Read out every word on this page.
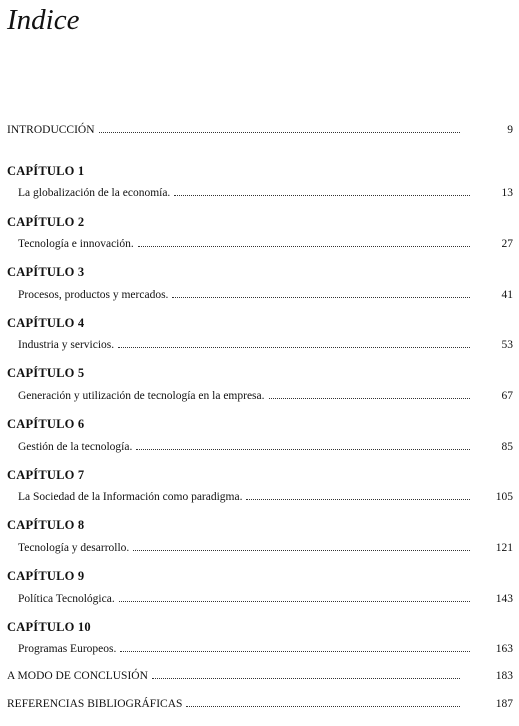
Indice
INTRODUCCIÓN	9
CAPÍTULO 1
La globalización de la economía.	13
CAPÍTULO 2
Tecnología e innovación.	27
CAPÍTULO 3
Procesos, productos y mercados.	41
CAPÍTULO 4
Industria y servicios.	53
CAPÍTULO 5
Generación y utilización de tecnología en la empresa.	67
CAPÍTULO 6
Gestión de la tecnología.	85
CAPÍTULO 7
La Sociedad de la Información como paradigma.	105
CAPÍTULO 8
Tecnología y desarrollo.	121
CAPÍTULO 9
Política Tecnológica.	143
CAPÍTULO 10
Programas Europeos.	163
A MODO DE CONCLUSIÓN	183
REFERENCIAS BIBLIOGRÁFICAS	187
